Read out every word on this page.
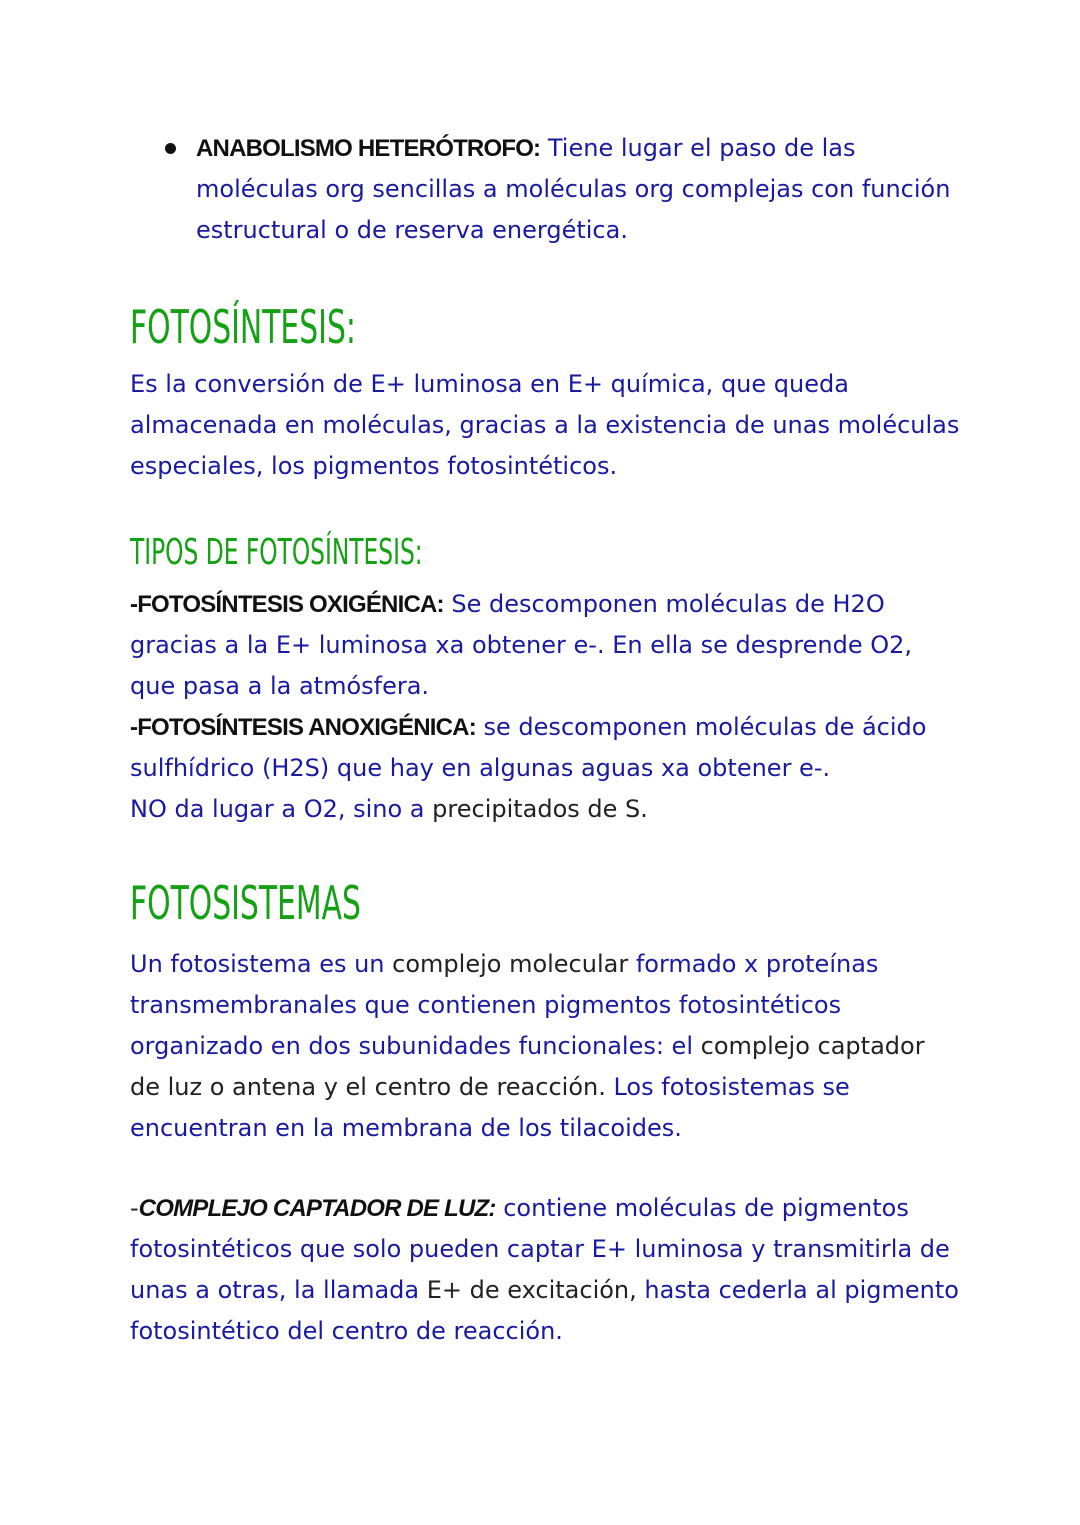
ANABOLISMO HETERÓTROFO: Tiene lugar el paso de las moléculas org sencillas a moléculas org complejas con función estructural o de reserva energética.

FOTOSÍNTESIS:

Es la conversión de E+ luminosa en E+ química, que queda almacenada en moléculas, gracias a la existencia de unas moléculas especiales, los pigmentos fotosintéticos.

TIPOS DE FOTOSÍNTESIS:

-FOTOSÍNTESIS OXIGÉNICA: Se descomponen moléculas de H2O gracias a la E+ luminosa xa obtener e-. En ella se desprende O2, que pasa a la atmósfera.

-FOTOSÍNTESIS ANOXIGÉNICA: se descomponen moléculas de ácido sulfhídrico (H2S) que hay en algunas aguas xa obtener e-.

NO da lugar a O2, sino a precipitados de S.

FOTOSISTEMAS

Un fotosistema es un complejo molecular formado x proteínas transmembranales que contienen pigmentos fotosintéticos organizado en dos subunidades funcionales: el complejo captador de luz o antena y el centro de reacción. Los fotosistemas se encuentran en la membrana de los tilacoides.

-COMPLEJO CAPTADOR DE LUZ: contiene moléculas de pigmentos fotosintéticos que solo pueden captar E+ luminosa y transmitirla de unas a otras, la llamada E+ de excitación, hasta cederla al pigmento fotosintético del centro de reacción.
